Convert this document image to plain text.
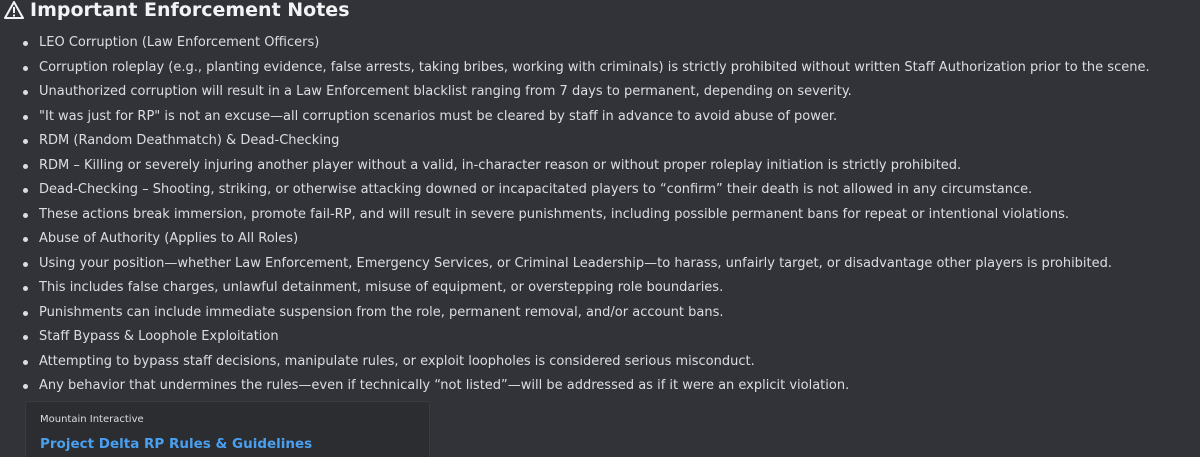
Important Enforcement Notes
LEO Corruption (Law Enforcement Officers)
Corruption roleplay (e.g., planting evidence, false arrests, taking bribes, working with criminals) is strictly prohibited without written Staff Authorization prior to the scene.
Unauthorized corruption will result in a Law Enforcement blacklist ranging from 7 days to permanent, depending on severity.
"It was just for RP" is not an excuse—all corruption scenarios must be cleared by staff in advance to avoid abuse of power.
RDM (Random Deathmatch) & Dead-Checking
RDM – Killing or severely injuring another player without a valid, in-character reason or without proper roleplay initiation is strictly prohibited.
Dead-Checking – Shooting, striking, or otherwise attacking downed or incapacitated players to “confirm” their death is not allowed in any circumstance.
These actions break immersion, promote fail-RP, and will result in severe punishments, including possible permanent bans for repeat or intentional violations.
Abuse of Authority (Applies to All Roles)
Using your position—whether Law Enforcement, Emergency Services, or Criminal Leadership—to harass, unfairly target, or disadvantage other players is prohibited.
This includes false charges, unlawful detainment, misuse of equipment, or overstepping role boundaries.
Punishments can include immediate suspension from the role, permanent removal, and/or account bans.
Staff Bypass & Loophole Exploitation
Attempting to bypass staff decisions, manipulate rules, or exploit loopholes is considered serious misconduct.
Any behavior that undermines the rules—even if technically “not listed”—will be addressed as if it were an explicit violation.
Mountain Interactive
Project Delta RP Rules & Guidelines
